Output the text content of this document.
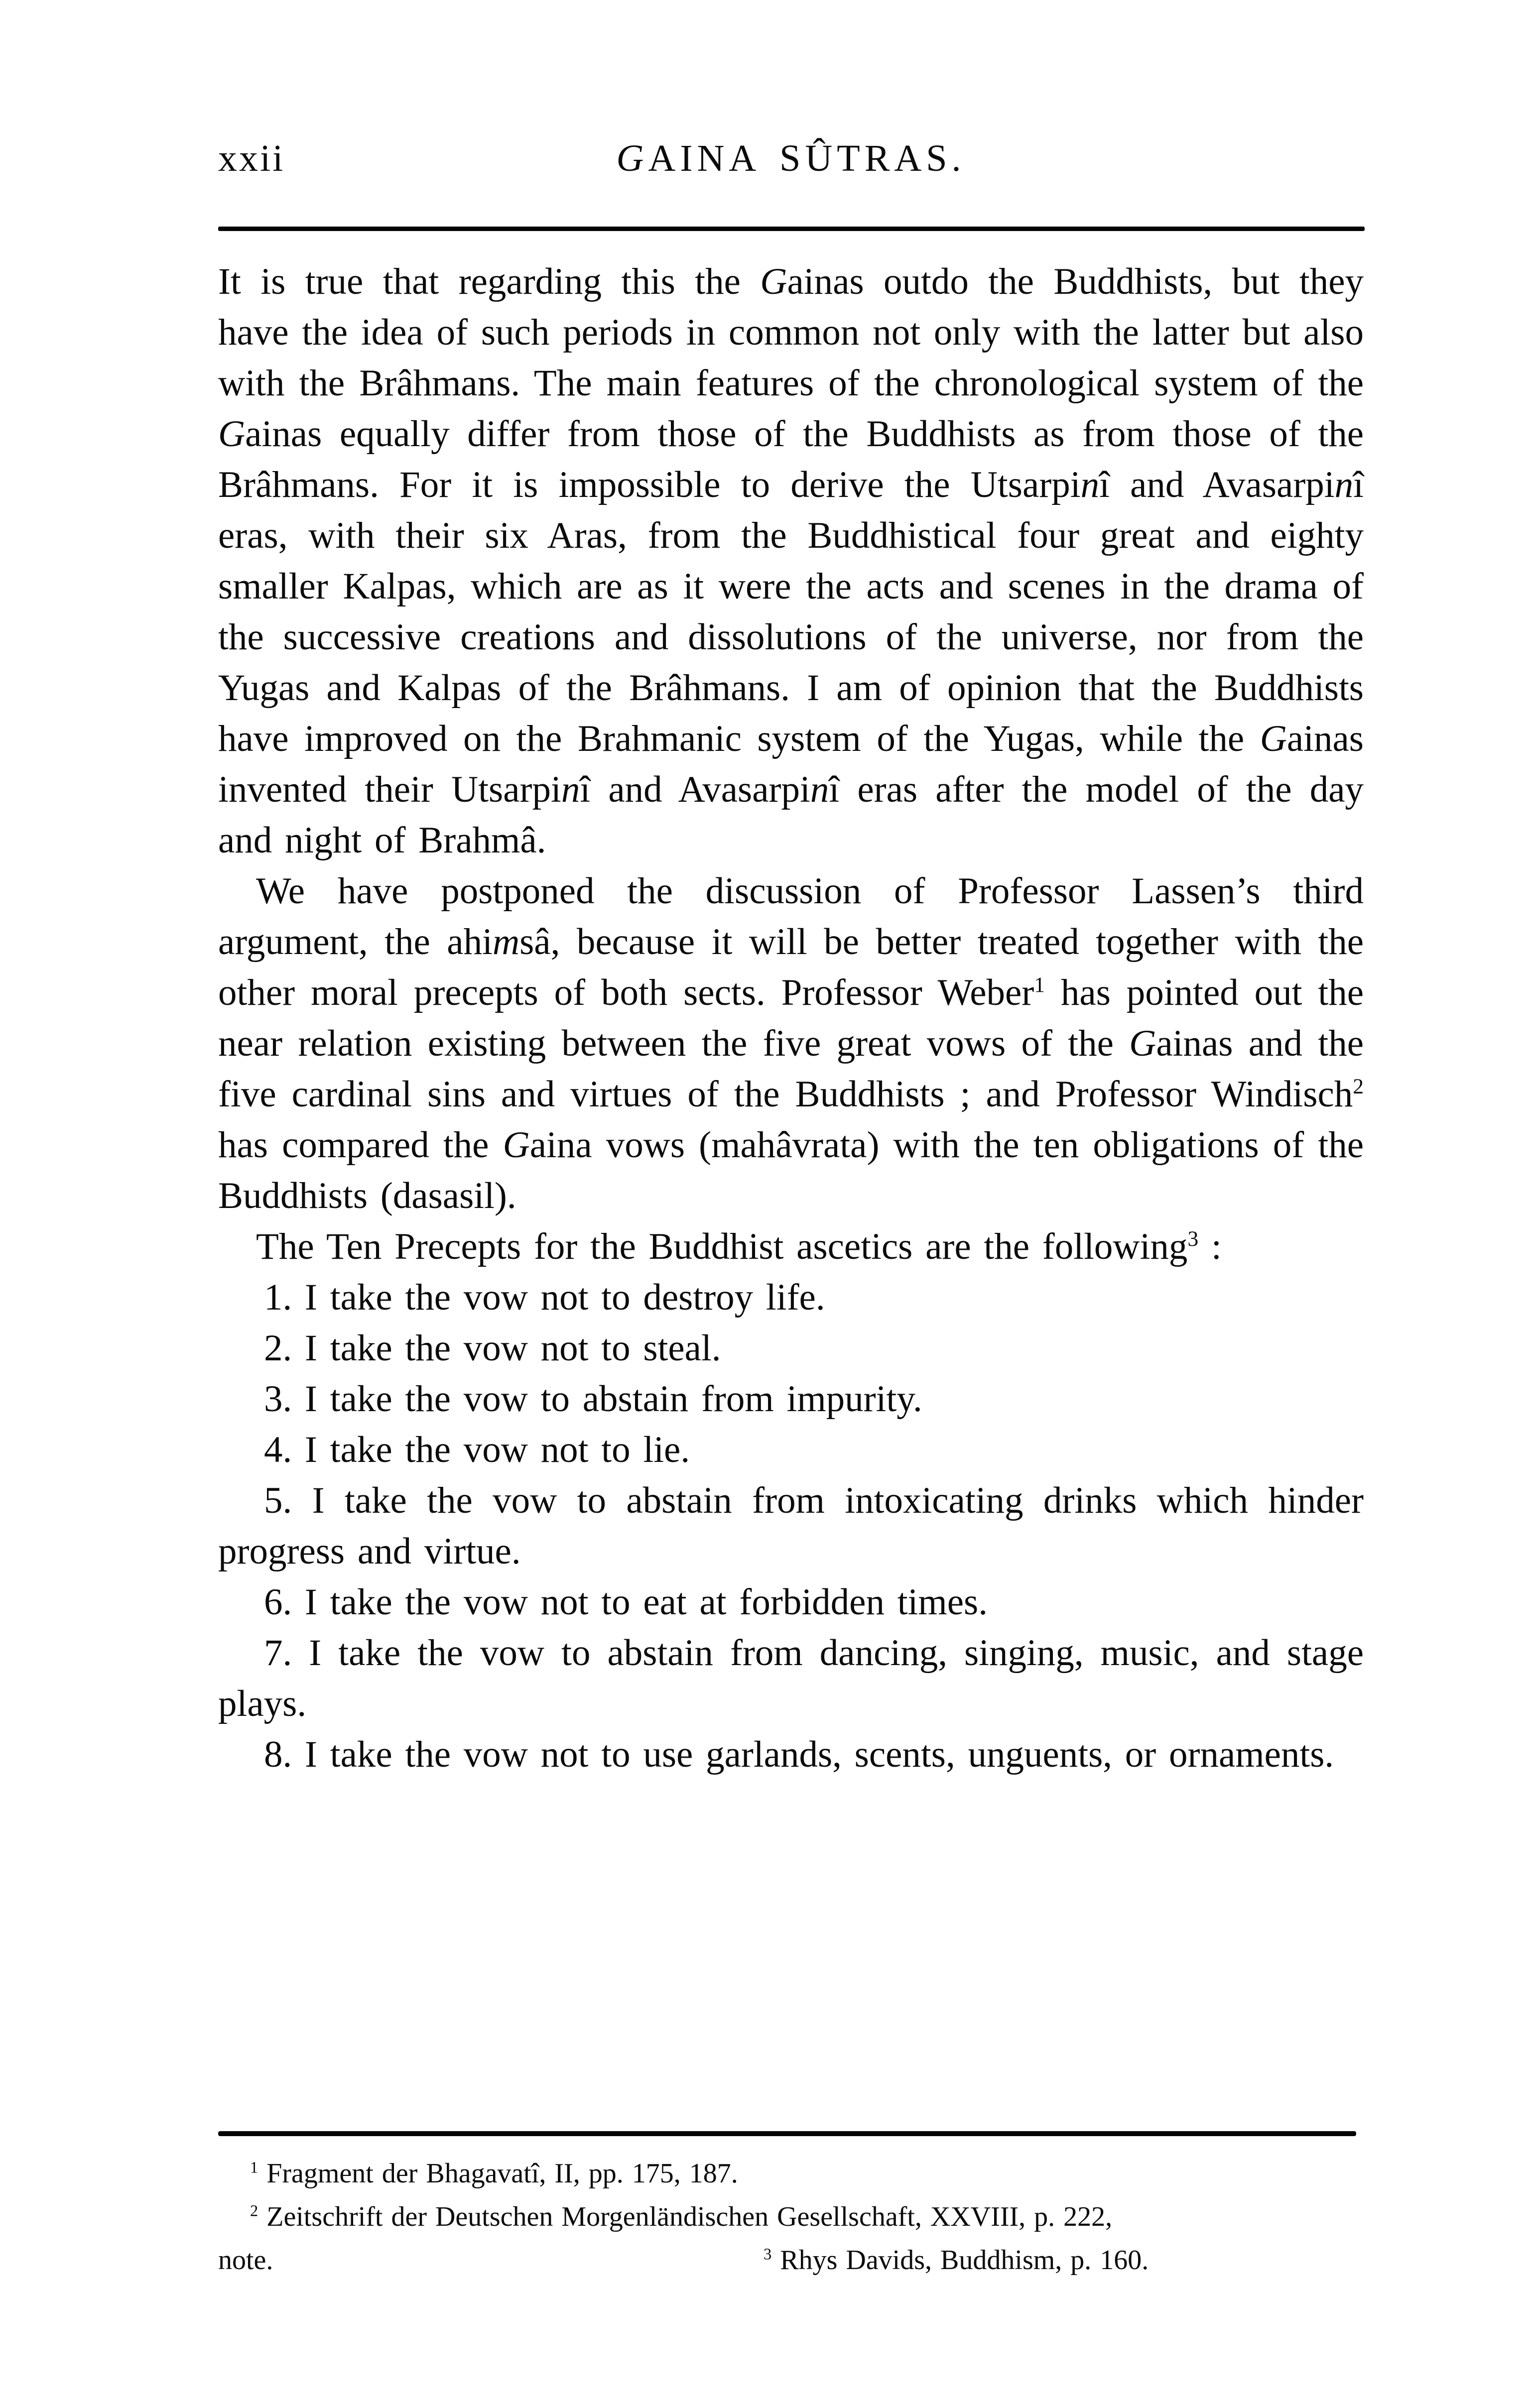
xxii	GAINA SÛTRAS.

It is true that regarding this the Gainas outdo the Buddhists, but they have the idea of such periods in common not only with the latter but also with the Brâhmans. The main features of the chronological system of the Gainas equally differ from those of the Buddhists as from those of the Brâhmans. For it is impossible to derive the Utsarpinî and Avasarpinî eras, with their six Aras, from the Buddhistical four great and eighty smaller Kalpas, which are as it were the acts and scenes in the drama of the successive creations and dissolutions of the universe, nor from the Yugas and Kalpas of the Brâhmans. I am of opinion that the Buddhists have improved on the Brahmanic system of the Yugas, while the Gainas invented their Utsarpinî and Avasarpinî eras after the model of the day and night of Brahmâ.

We have postponed the discussion of Professor Lassen’s third argument, the ahimsâ, because it will be better treated together with the other moral precepts of both sects. Professor Weber$^1$ has pointed out the near relation existing between the five great vows of the Gainas and the five cardinal sins and virtues of the Buddhists ; and Professor Windisch$^2$ has compared the Gaina vows (mahâvrata) with the ten obligations of the Buddhists (dasasil).

The Ten Precepts for the Buddhist ascetics are the following$^3$ :

1. I take the vow not to destroy life.

2. I take the vow not to steal.

3. I take the vow to abstain from impurity.

4. I take the vow not to lie.

5. I take the vow to abstain from intoxicating drinks which hinder progress and virtue.

6. I take the vow not to eat at forbidden times.

7. I take the vow to abstain from dancing, singing, music, and stage plays.

8. I take the vow not to use garlands, scents, unguents, or ornaments.

$^1$ Fragment der Bhagavatî, II, pp. 175, 187.

$^2$ Zeitschrift der Deutschen Morgenländischen Gesellschaft, XXVIII, p. 222,

note.	$^3$ Rhys Davids, Buddhism, p. 160.
